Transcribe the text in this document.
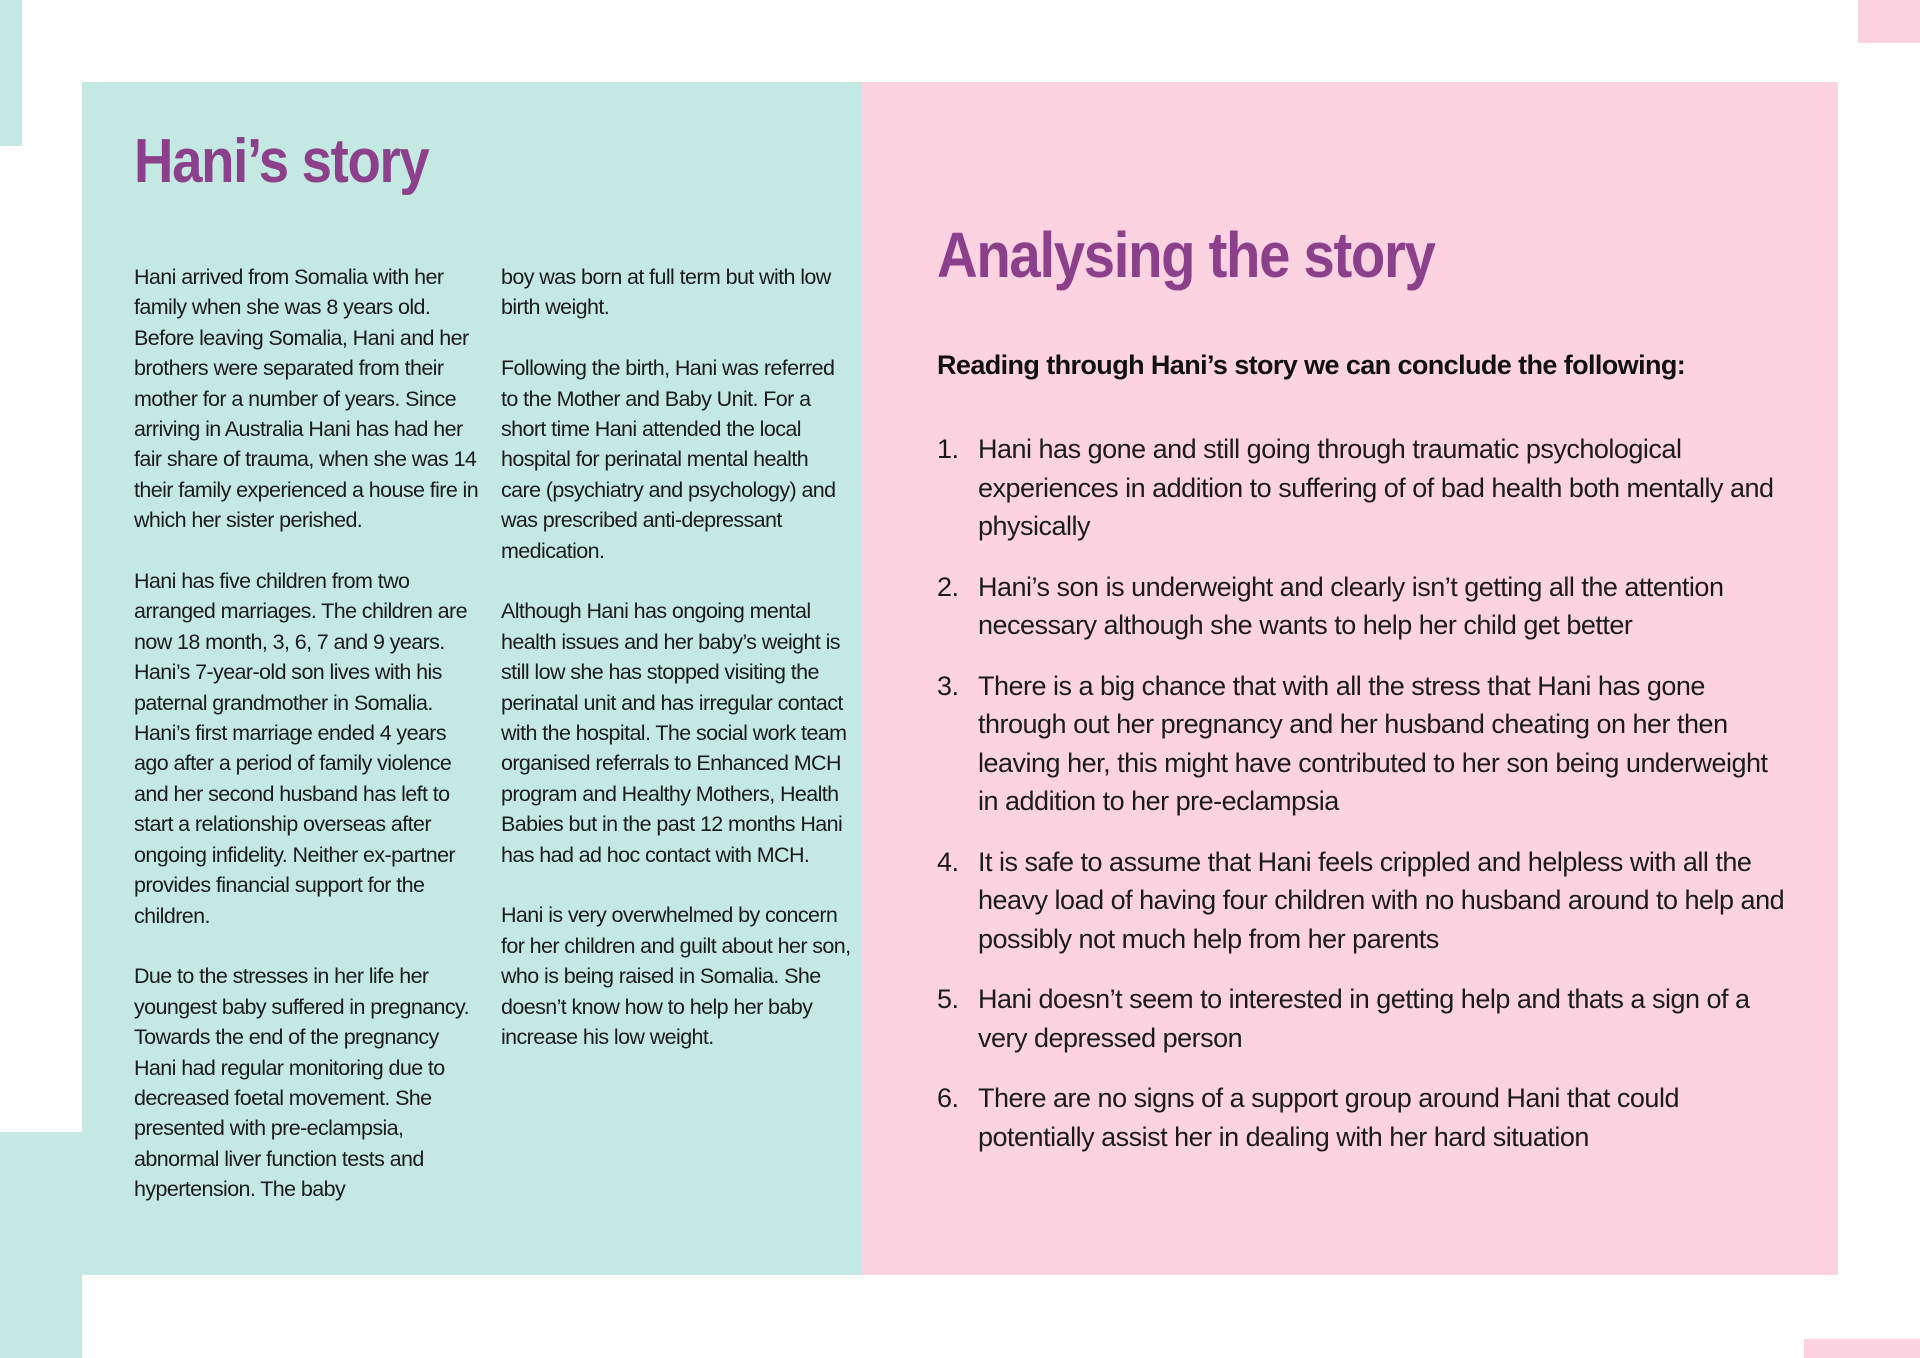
Hani’s story

Hani arrived from Somalia with her family when she was 8 years old. Before leaving Somalia, Hani and her brothers were separated from their mother for a number of years. Since arriving in Australia Hani has had her fair share of trauma, when she was 14 their family experienced a house fire in which her sister perished.

Hani has five children from two arranged marriages. The children are now 18 month, 3, 6, 7 and 9 years. Hani’s 7-year-old son lives with his paternal grandmother in Somalia. Hani’s first marriage ended 4 years ago after a period of family violence and her second husband has left to start a relationship overseas after ongoing infidelity. Neither ex-partner provides financial support for the children.

Due to the stresses in her life her youngest baby suffered in pregnancy. Towards the end of the pregnancy Hani had regular monitoring due to decreased foetal movement. She presented with pre-eclampsia, abnormal liver function tests and hypertension. The baby

boy was born at full term but with low birth weight.

Following the birth, Hani was referred to the Mother and Baby Unit. For a short time Hani attended the local hospital for perinatal mental health care (psychiatry and psychology) and was prescribed anti-depressant medication.

Although Hani has ongoing mental health issues and her baby’s weight is still low she has stopped visiting the perinatal unit and has irregular contact with the hospital. The social work team organised referrals to Enhanced MCH program and Healthy Mothers, Health Babies but in the past 12 months Hani has had ad hoc contact with MCH.

Hani is very overwhelmed by concern for her children and guilt about her son, who is being raised in Somalia. She doesn’t know how to help her baby increase his low weight.

Analysing the story

Reading through Hani’s story we can conclude the following:

1. Hani has gone and still going through traumatic psychological experiences in addition to suffering of of bad health both mentally and physically
2. Hani’s son is underweight and clearly isn’t getting all the attention necessary although she wants to help her child get better
3. There is a big chance that with all the stress that Hani has gone through out her pregnancy and her husband cheating on her then leaving her, this might have contributed to her son being underweight in addition to her pre-eclampsia
4. It is safe to assume that Hani feels crippled and helpless with all the heavy load of having four children with no husband around to help and possibly not much help from her parents
5. Hani doesn’t seem to interested in getting help and thats a sign of a very depressed person
6. There are no signs of a support group around Hani that could potentially assist her in dealing with her hard situation
